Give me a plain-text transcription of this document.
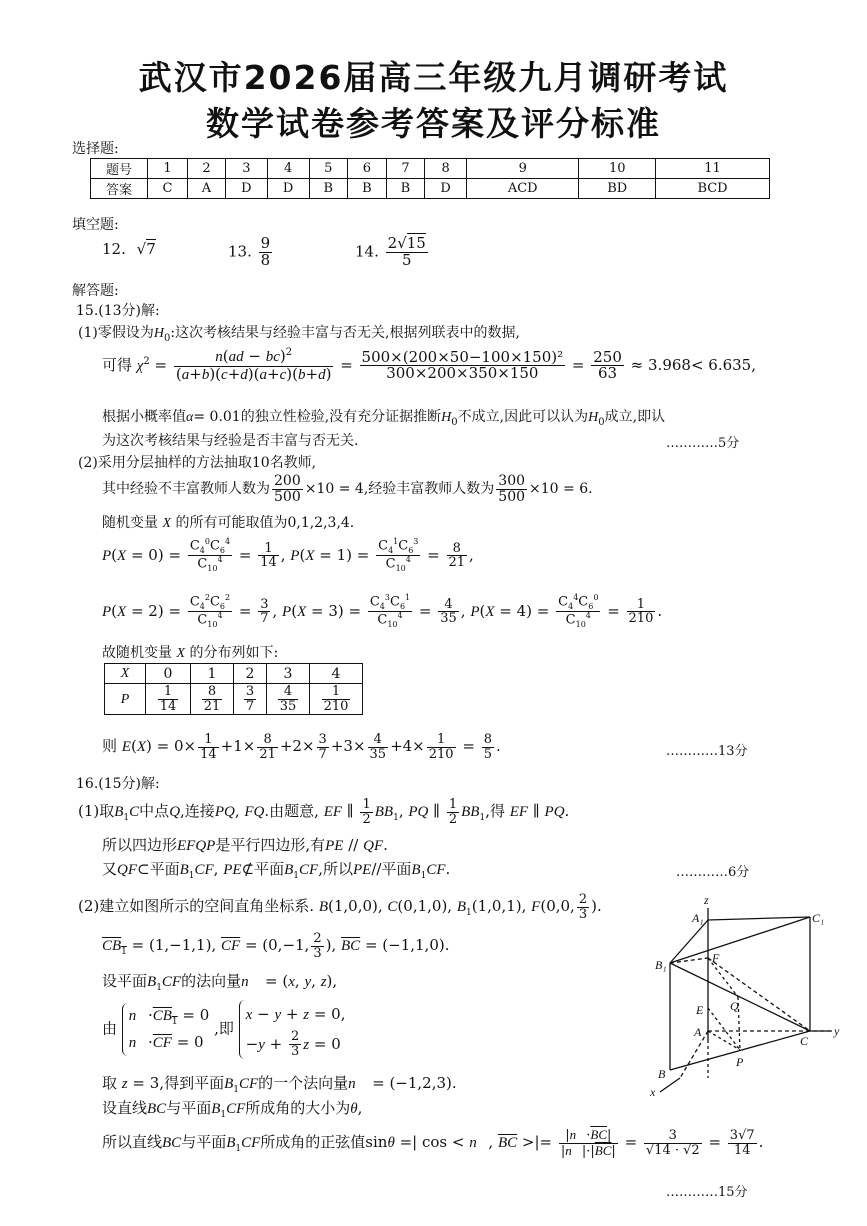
武汉市2026届高三年级九月调研考试
数学试卷参考答案及评分标准
选择题:
题号	1	2	3	4	5	6	7	8	9	10	11
答案	C	A	D	D	B	B	B	D	ACD	BD	BCD
填空题:
12. √7	13. $\frac{9}{8}$	14. $\frac{2√15}{5}$
解答题:
15.(13分)解:
(1)零假设为$H_0$:这次考核结果与经验丰富与否无关,根据列联表中的数据,
可得 $\chi^2 = \frac{n(ad - bc)^2}{(a+b)(c+d)(a+c)(b+d)} = \frac{\text{500×(200×50−100×150)²}}{300\times 200\times 350\times 150} = \frac{250}{63} \approx 3.968< 6.635$,
根据小概率值α= 0.01的独立性检验,没有充分证据推断$H_0$不成立,因此可以认为$H_0$成立,即认
为这次考核结果与经验是否丰富与否无关.	…………5分
(2)采用分层抽样的方法抽取10名教师,
其中经验不丰富教师人数为 $\frac{200}{500} \times 10 = 4$,经验丰富教师人数为 $\frac{300}{500} \times 10 = 6$.
随机变量 X 的所有可能取值为0,1,2,3,4.
$P(X = 0) = \frac{C_4^0C_6^4}{C_{10}^4} = \frac{1}{14}$ , $P(X = 1) = \frac{C_4^1C_6^3}{C_{10}^4} = \frac{8}{21}$ ,
$P(X = 2) = \frac{C_4^2C_6^2}{C_{10}^4} = \frac{3}{7}$ , $P(X = 3) = \frac{C_4^3C_6^1}{C_{10}^4} = \frac{4}{35}$ , $P(X = 4) = \frac{C_4^4C_6^0}{C_{10}^4} = \frac{1}{210}$ .
故随机变量 X 的分布列如下:
X	0	1	2	3	4
P	$\frac{1}{14}$	$\frac{8}{21}$	$\frac{3}{7}$	$\frac{4}{35}$	$\frac{1}{210}$
则 $E(X) = 0\times \frac{1}{14} +1\times \frac{8}{21} +2\times \frac{3}{7} +3\times \frac{4}{35} +4\times \frac{1}{210} = \frac{8}{5}$ .	…………13分
16.(15分)解:
(1)取$B_1C$中点Q,连接PQ, FQ.由题意, EF ∥ $\frac{1}{2} BB_1$, PQ ∥ $\frac{1}{2} BB_1$,得 EF ∥ PQ.
所以四边形EFQP是平行四边形,有PE // QF.
又QF⊂平面$B_1CF$, PE⊄平面$B_1CF$,所以PE//平面$B_1CF$.	…………6分
(2)建立如图所示的空间直角坐标系. B(1,0,0), C(0,1,0), $B_1(1,0,1)$, F(0,0, $\frac{2}{3}$ ).
$CB_1 = (1,-1,1)$, $\overline{CF} = (0,-1$, $\frac{2}{3}$ ), $\overline{BC} = (-1,1,0)$.
设平面$B_1CF$的法向量n⃗ = (x, y, z),
由 $n⃗\cdot CB_1 = 0$
$n⃗\cdot\overline{CF} = 0$ ,即 x − y + z = 0,
$-y + \frac{2}{3}$ z = 0
取 z = 3,得到平面$B_1CF$的一个法向量n⃗ = (−1,2,3).
设直线BC与平面$B_1CF$所成角的大小为θ,
所以直线BC与平面$B_1CF$所成角的正弦值sinθ =| cos < n⃗, $\overline{BC}$ >|= $\frac{|n⃗\cdot\overline{BC}|}{|n⃗|\cdot|\overline{BC}|} = \frac{3}{√14 \cdot √2} = \frac{3√7}{14}$ .
…………15分
z
A₁	C₁
B₁	F
E Q
A
C
y
P
B
x
